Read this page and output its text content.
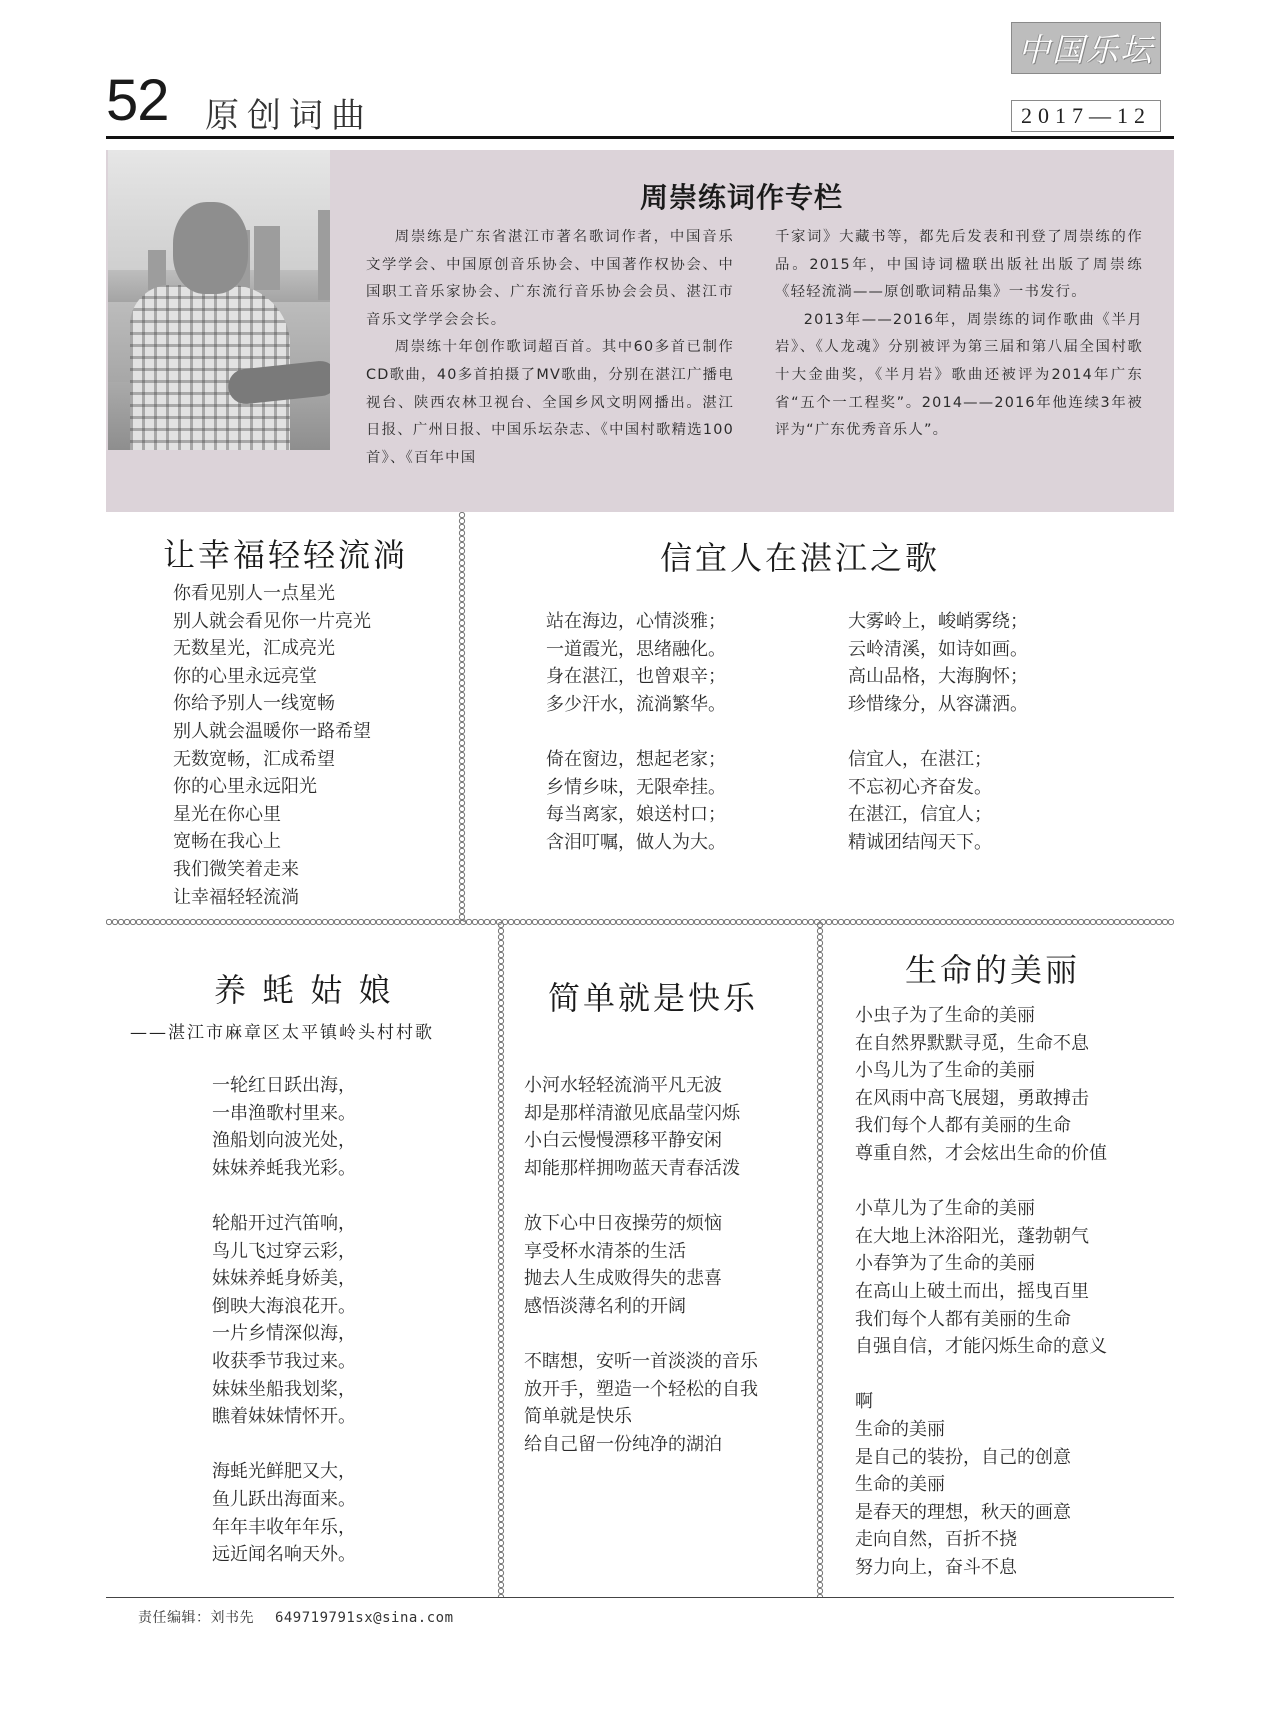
52 原创词曲
中国乐坛
2017—12
周崇练词作专栏

周崇练是广东省湛江市著名歌词作者，中国音乐文学学会、中国原创音乐协会、中国著作权协会、中国职工音乐家协会、广东流行音乐协会会员、湛江市音乐文学学会会长。

周崇练十年创作歌词超百首。其中60多首已制作CD歌曲，40多首拍摄了MV歌曲，分别在湛江广播电视台、陕西农林卫视台、全国乡风文明网播出。湛江日报、广州日报、中国乐坛杂志、《中国村歌精选100首》、《百年中国

千家词》大藏书等，都先后发表和刊登了周崇练的作品。2015年，中国诗词楹联出版社出版了周崇练《轻轻流淌——原创歌词精品集》一书发行。

2013年——2016年，周崇练的词作歌曲《半月岩》、《人龙魂》分别被评为第三届和第八届全国村歌十大金曲奖，《半月岩》歌曲还被评为2014年广东省“五个一工程奖”。2014——2016年他连续3年被评为“广东优秀音乐人”。

让幸福轻轻流淌
你看见别人一点星光
别人就会看见你一片亮光
无数星光，汇成亮光
你的心里永远亮堂
你给予别人一线宽畅
别人就会温暖你一路希望
无数宽畅，汇成希望
你的心里永远阳光
星光在你心里
宽畅在我心上
我们微笑着走来
让幸福轻轻流淌
信宜人在湛江之歌
站在海边，心情淡雅；
一道霞光，思绪融化。
身在湛江，也曾艰辛；
多少汗水，流淌繁华。
倚在窗边，想起老家；
乡情乡味，无限牵挂。
每当离家，娘送村口；
含泪叮嘱，做人为大。
大雾岭上，峻峭雾绕；
云岭清溪，如诗如画。
高山品格，大海胸怀；
珍惜缘分，从容潇洒。
信宜人，在湛江；
不忘初心齐奋发。
在湛江，信宜人；
精诚团结闯天下。
养 蚝 姑 娘
——湛江市麻章区太平镇岭头村村歌
一轮红日跃出海，
一串渔歌村里来。
渔船划向波光处，
妹妹养蚝我光彩。
轮船开过汽笛响，
鸟儿飞过穿云彩，
妹妹养蚝身娇美，
倒映大海浪花开。
一片乡情深似海，
收获季节我过来。
妹妹坐船我划桨，
瞧着妹妹情怀开。
海蚝光鲜肥又大，
鱼儿跃出海面来。
年年丰收年年乐，
远近闻名响天外。
简单就是快乐
小河水轻轻流淌平凡无波
却是那样清澈见底晶莹闪烁
小白云慢慢漂移平静安闲
却能那样拥吻蓝天青春活泼
放下心中日夜操劳的烦恼
享受杯水清茶的生活
抛去人生成败得失的悲喜
感悟淡薄名利的开阔
不瞎想，安听一首淡淡的音乐
放开手，塑造一个轻松的自我
简单就是快乐
给自己留一份纯净的湖泊
生命的美丽
小虫子为了生命的美丽
在自然界默默寻觅，生命不息
小鸟儿为了生命的美丽
在风雨中高飞展翅，勇敢搏击
我们每个人都有美丽的生命
尊重自然，才会炫出生命的价值
小草儿为了生命的美丽
在大地上沐浴阳光，蓬勃朝气
小春笋为了生命的美丽
在高山上破土而出，摇曳百里
我们每个人都有美丽的生命
自强自信，才能闪烁生命的意义
啊
生命的美丽
是自己的装扮，自己的创意
生命的美丽
是春天的理想，秋天的画意
走向自然，百折不挠
努力向上，奋斗不息
责任编辑：刘书先 649719791sx@sina.com
